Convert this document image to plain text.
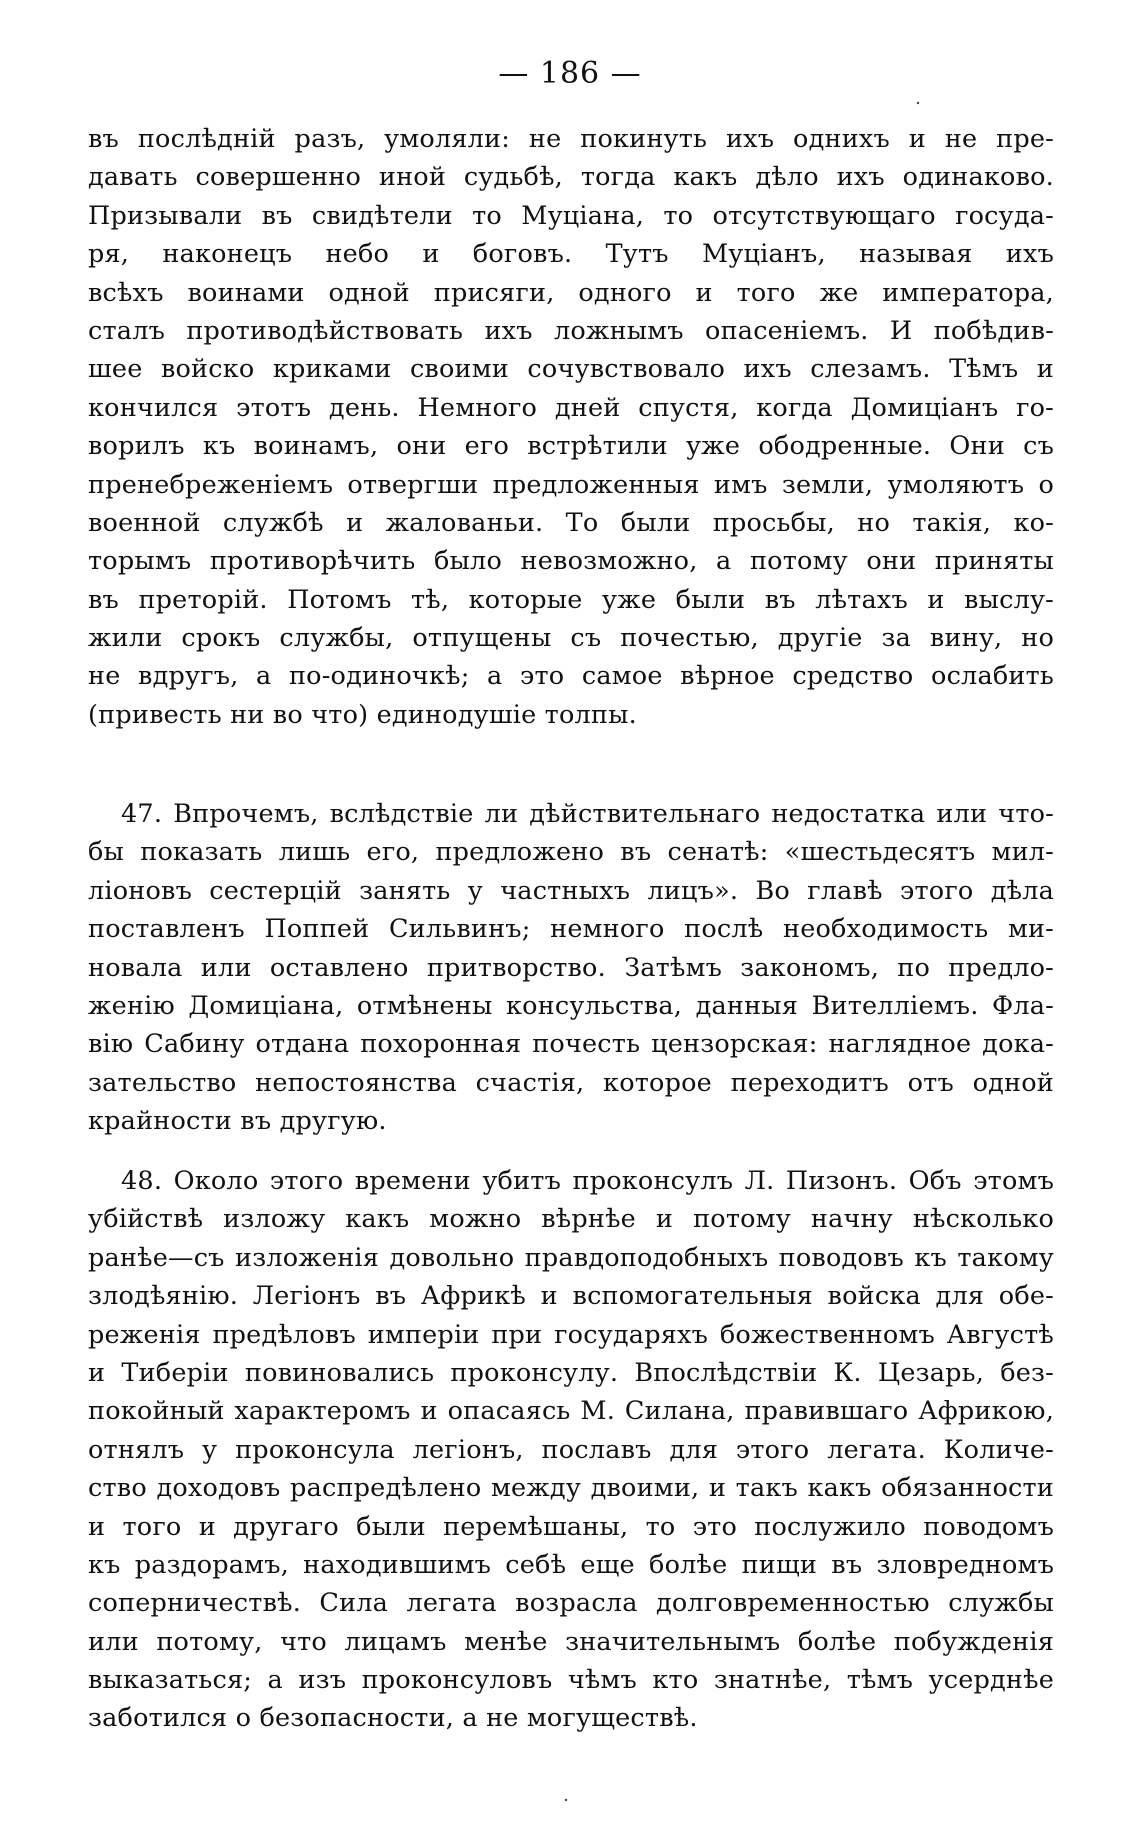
— 186 —
въ послѣдній разъ, умоляли: не покинуть ихъ однихъ и не пре-
давать совершенно иной судьбѣ, тогда какъ дѣло ихъ одинаково.
Призывали въ свидѣтели то Муціана, то отсутствующаго госуда-
ря, наконецъ небо и боговъ. Тутъ Муціанъ, называя ихъ
всѣхъ воинами одной присяги, одного и того же императора,
сталъ противодѣйствовать ихъ ложнымъ опасеніемъ. И побѣдив-
шее войско криками своими сочувствовало ихъ слезамъ. Тѣмъ и
кончился этотъ день. Немного дней спустя, когда Домиціанъ го-
ворилъ къ воинамъ, они его встрѣтили уже ободренные. Они съ
пренебреженіемъ отвергши предложенныя имъ земли, умоляютъ о
военной службѣ и жалованьи. То были просьбы, но такія, ко-
торымъ противорѣчить было невозможно, а потому они приняты
въ преторій. Потомъ тѣ, которые уже были въ лѣтахъ и выслу-
жили срокъ службы, отпущены съ почестью, другіе за вину, но
не вдругъ, а по-одиночкѣ; а это самое вѣрное средство ослабить
(привесть ни во что) единодушіе толпы.
47. Впрочемъ, вслѣдствіе ли дѣйствительнаго недостатка или что-
бы показать лишь его, предложено въ сенатѣ: «шестьдесятъ мил-
ліоновъ сестерцій занять у частныхъ лицъ». Во главѣ этого дѣла
поставленъ Поппей Сильвинъ; немного послѣ необходимость ми-
новала или оставлено притворство. Затѣмъ закономъ, по предло-
женію Домиціана, отмѣнены консульства, данныя Вителліемъ. Фла-
вію Сабину отдана похоронная почесть цензорская: наглядное дока-
зательство непостоянства счастія, которое переходитъ отъ одной
крайности въ другую.
48. Около этого времени убитъ проконсулъ Л. Пизонъ. Объ этомъ
убійствѣ изложу какъ можно вѣрнѣе и потому начну нѣсколько
ранѣе—съ изложенія довольно правдоподобныхъ поводовъ къ такому
злодѣянію. Легіонъ въ Африкѣ и вспомогательныя войска для обе-
реженія предѣловъ имперіи при государяхъ божественномъ Августѣ
и Тиберіи повиновались проконсулу. Впослѣдствіи К. Цезарь, без-
покойный характеромъ и опасаясь М. Силана, правившаго Африкою,
отнялъ у проконсула легіонъ, пославъ для этого легата. Количе-
ство доходовъ распредѣлено между двоими, и такъ какъ обязанности
и того и другаго были перемѣшаны, то это послужило поводомъ
къ раздорамъ, находившимъ себѣ еще болѣе пищи въ зловредномъ
соперничествѣ. Сила легата возрасла долговременностью службы
или потому, что лицамъ менѣе значительнымъ болѣе побужденія
выказаться; а изъ проконсуловъ чѣмъ кто знатнѣе, тѣмъ усерднѣе
заботился о безопасности, а не могуществѣ.
